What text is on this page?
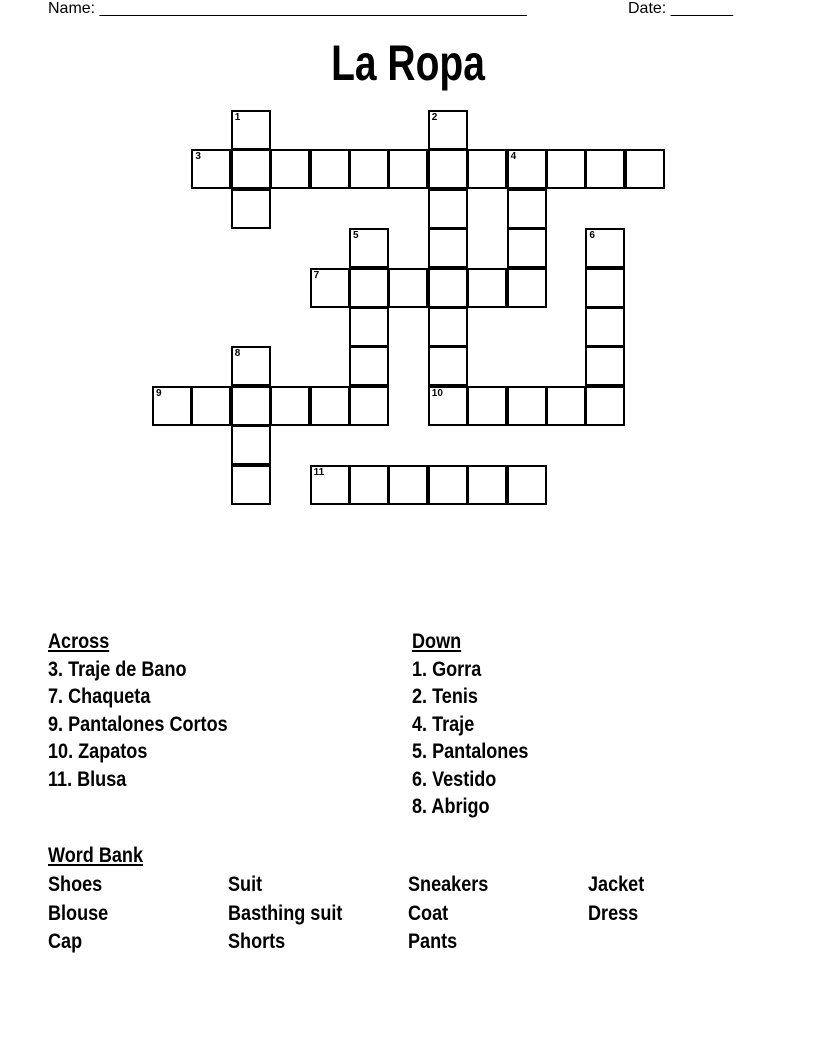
Name: ________________________________________________	Date: _______
La Ropa
3	4
1	2
5	6
7
8
9	10
11
Across
3. Traje de Bano
7. Chaqueta
9. Pantalones Cortos
10. Zapatos
11. Blusa
Down
1. Gorra
2. Tenis
4. Traje
5. Pantalones
6. Vestido
8. Abrigo
Word Bank
Shoes	Suit	Sneakers	Jacket
Blouse	Basthing suit	Coat	Dress
Cap	Shorts	Pants
